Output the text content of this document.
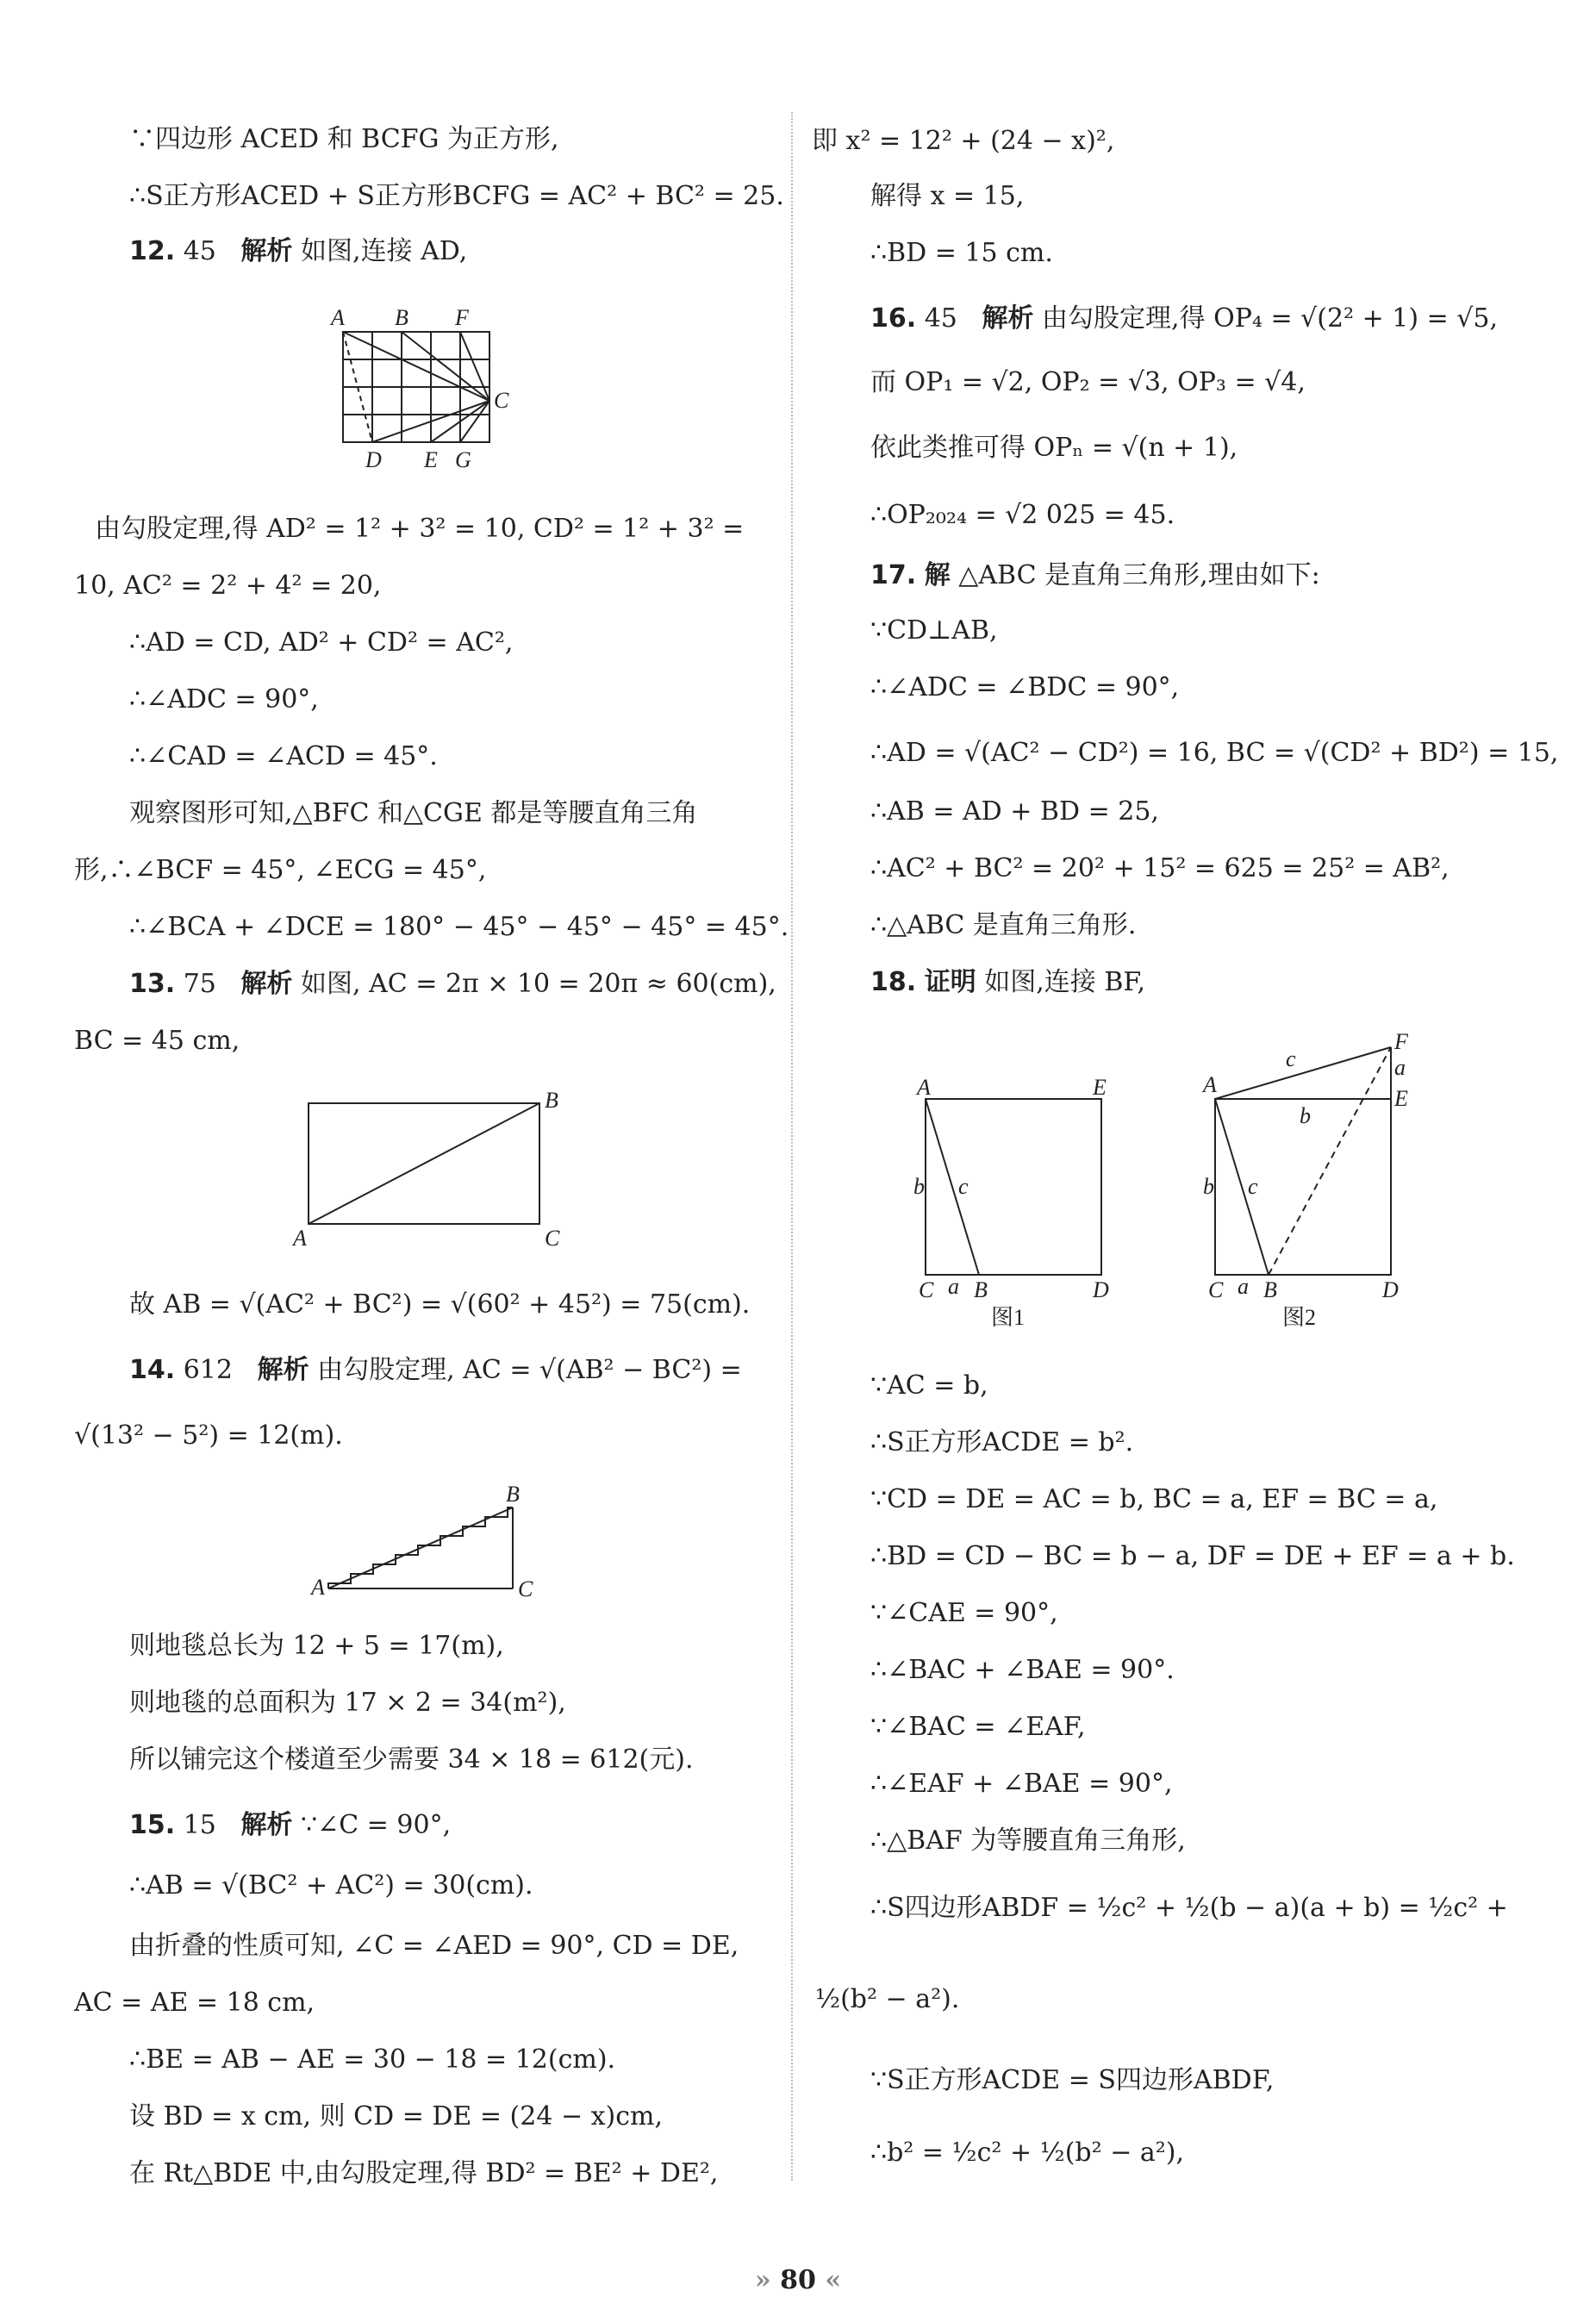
∵四边形 ACED 和 BCFG 为正方形,
∴S正方形ACED + S正方形BCFG = AC² + BC² = 25.
12. 45 解析 如图,连接 AD,
A B F
C
D E G
由勾股定理,得 AD² = 1² + 3² = 10, CD² = 1² + 3² =
10, AC² = 2² + 4² = 20,
∴AD = CD, AD² + CD² = AC²,
∴∠ADC = 90°,
∴∠CAD = ∠ACD = 45°.
观察图形可知,△BFC 和△CGE 都是等腰直角三角
形,∴∠BCF = 45°, ∠ECG = 45°,
∴∠BCA + ∠DCE = 180° − 45° − 45° − 45° = 45°.
13. 75 解析 如图, AC = 2π × 10 = 20π ≈ 60(cm),
BC = 45 cm,
A
B
C
故 AB = √(AC² + BC²) = √(60² + 45²) = 75(cm).
14. 612 解析 由勾股定理, AC = √(AB² − BC²) =
√(13² − 5²) = 12(m).
A
B
C
则地毯总长为 12 + 5 = 17(m),
则地毯的总面积为 17 × 2 = 34(m²),
所以铺完这个楼道至少需要 34 × 18 = 612(元).
15. 15 解析 ∵∠C = 90°,
∴AB = √(BC² + AC²) = 30(cm).
由折叠的性质可知, ∠C = ∠AED = 90°, CD = DE,
AC = AE = 18 cm,
∴BE = AB − AE = 30 − 18 = 12(cm).
设 BD = x cm, 则 CD = DE = (24 − x)cm,
在 Rt△BDE 中,由勾股定理,得 BD² = BE² + DE²,
即 x² = 12² + (24 − x)²,
解得 x = 15,
∴BD = 15 cm.
16. 45 解析 由勾股定理,得 OP₄ = √(2² + 1) = √5,
而 OP₁ = √2, OP₂ = √3, OP₃ = √4,
依此类推可得 OPₙ = √(n + 1),
∴OP₂₀₂₄ = √2 025 = 45.
17. 解 △ABC 是直角三角形,理由如下:
∵CD⊥AB,
∴∠ADC = ∠BDC = 90°,
∴AD = √(AC² − CD²) = 16, BC = √(CD² + BD²) = 15,
∴AB = AD + BD = 25,
∴AC² + BC² = 20² + 15² = 625 = 25² = AB²,
∴△ABC 是直角三角形.
18. 证明 如图,连接 BF,
A	E
b c
C a B	D
图1
F
c	a
A
E
b
b c
C a B	D
图2
∵AC = b,
∴S正方形ACDE = b².
∵CD = DE = AC = b, BC = a, EF = BC = a,
∴BD = CD − BC = b − a, DF = DE + EF = a + b.
∵∠CAE = 90°,
∴∠BAC + ∠BAE = 90°.
∵∠BAC = ∠EAF,
∴∠EAF + ∠BAE = 90°,
∴△BAF 为等腰直角三角形,
∴S四边形ABDF = ½c² + ½(b − a)(a + b) = ½c² +
½(b² − a²).
∵S正方形ACDE = S四边形ABDF,
∴b² = ½c² + ½(b² − a²),
» 80 «
